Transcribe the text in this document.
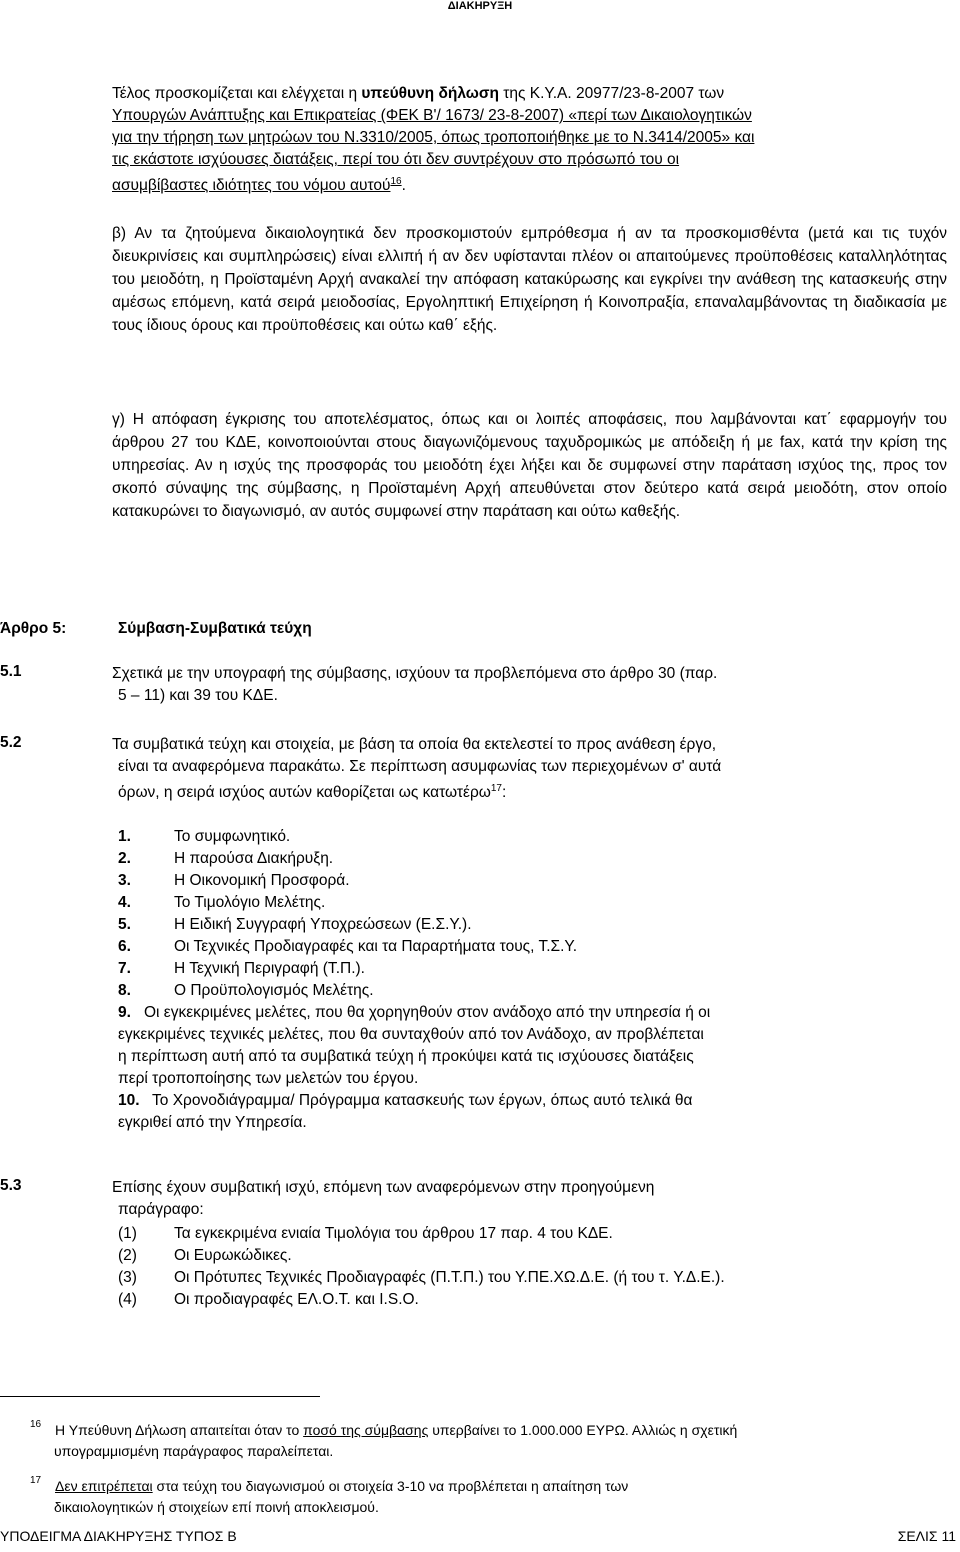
ΔΙΑΚΗΡΥΞΗ
Τέλος προσκομίζεται και ελέγχεται η υπεύθυνη δήλωση της Κ.Υ.Α. 20977/23-8-2007 των
Υπουργών Ανάπτυξης και Επικρατείας (ΦΕΚ Β'/ 1673/ 23-8-2007) «περί των Δικαιολογητικών
για την τήρηση των μητρώων του Ν.3310/2005, όπως τροποποιήθηκε με το Ν.3414/2005» και
τις εκάστοτε ισχύουσες διατάξεις, περί του ότι δεν συντρέχουν στο πρόσωπό του οι
ασυμβίβαστες ιδιότητες του νόμου αυτού$^{16}$.
β) Αν τα ζητούμενα δικαιολογητικά δεν προσκομιστούν εμπρόθεσμα ή αν τα προσκομισθέντα (μετά και τις τυχόν διευκρινίσεις και συμπληρώσεις) είναι ελλιπή ή αν δεν υφίστανται πλέον οι απαιτούμενες προϋποθέσεις καταλληλότητας του μειοδότη, η Προϊσταμένη Αρχή ανακαλεί την απόφαση κατακύρωσης και εγκρίνει την ανάθεση της κατασκευής στην αμέσως επόμενη, κατά σειρά μειοδοσίας, Εργοληπτική Επιχείρηση ή Κοινοπραξία, επαναλαμβάνοντας τη διαδικασία με τους ίδιους όρους και προϋποθέσεις και ούτω καθ΄ εξής.
γ) Η απόφαση έγκρισης του αποτελέσματος, όπως και οι λοιπές αποφάσεις, που λαμβάνονται κατ΄ εφαρμογήν του άρθρου 27 του ΚΔΕ, κοινοποιούνται στους διαγωνιζόμενους ταχυδρομικώς με απόδειξη ή με fax, κατά την κρίση της υπηρεσίας. Αν η ισχύς της προσφοράς του μειοδότη έχει λήξει και δε συμφωνεί στην παράταση ισχύος της, προς τον σκοπό σύναψης της σύμβασης, η Προϊσταμένη Αρχή απευθύνεται στον δεύτερο κατά σειρά μειοδότη, στον οποίο κατακυρώνει το διαγωνισμό, αν αυτός συμφωνεί στην παράταση και ούτω καθεξής.
Άρθρο 5:	Σύμβαση-Συμβατικά τεύχη
5.1	Σχετικά με την υπογραφή της σύμβασης, ισχύουν τα προβλεπόμενα στο άρθρο 30 (παρ.
5 – 11) και 39 του ΚΔΕ.
5.2	Τα συμβατικά τεύχη και στοιχεία, με βάση τα οποία θα εκτελεστεί το προς ανάθεση έργο,
είναι τα αναφερόμενα παρακάτω. Σε περίπτωση ασυμφωνίας των περιεχομένων σ' αυτά
όρων, η σειρά ισχύος αυτών καθορίζεται ως κατωτέρω$^{17}$:
1.	Το συμφωνητικό.
2.	Η παρούσα Διακήρυξη.
3.	Η Οικονομική Προσφορά.
4.	Το Τιμολόγιο Μελέτης.
5.	Η Ειδική Συγγραφή Υποχρεώσεων (Ε.Σ.Υ.).
6.	Οι Τεχνικές Προδιαγραφές και τα Παραρτήματα τους, Τ.Σ.Υ.
7.	Η Τεχνική Περιγραφή (Τ.Π.).
8.	Ο Προϋπολογισμός Μελέτης.
9. Οι εγκεκριμένες μελέτες, που θα χορηγηθούν στον ανάδοχο από την υπηρεσία ή οι
εγκεκριμένες τεχνικές μελέτες, που θα συνταχθούν από τον Ανάδοχο, αν προβλέπεται
η περίπτωση αυτή από τα συμβατικά τεύχη ή προκύψει κατά τις ισχύουσες διατάξεις
περί τροποποίησης των μελετών του έργου.
10. Το Χρονοδιάγραμμα/ Πρόγραμμα κατασκευής των έργων, όπως αυτό τελικά θα
εγκριθεί από την Υπηρεσία.
5.3	Επίσης έχουν συμβατική ισχύ, επόμενη των αναφερόμενων στην προηγούμενη
παράγραφο:
(1) Τα εγκεκριμένα ενιαία Τιμολόγια του άρθρου 17 παρ. 4 του ΚΔΕ.
(2) Οι Ευρωκώδικες.
(3) Οι Πρότυπες Τεχνικές Προδιαγραφές (Π.Τ.Π.) του Υ.ΠΕ.ΧΩ.Δ.Ε. (ή του τ. Υ.Δ.Ε.).
(4) Οι προδιαγραφές ΕΛ.Ο.Τ. και I.S.O.
16 Η Υπεύθυνη Δήλωση απαιτείται όταν το ποσό της σύμβασης υπερβαίνει το 1.000.000 ΕΥΡΩ. Αλλιώς η σχετική
υπογραμμισμένη παράγραφος παραλείπεται.
17 Δεν επιτρέπεται στα τεύχη του διαγωνισμού οι στοιχεία 3-10 να προβλέπεται η απαίτηση των
δικαιολογητικών ή στοιχείων επί ποινή αποκλεισμού.
ΥΠΟΔΕΙΓΜΑ ΔΙΑΚΗΡΥΞΗΣ ΤΥΠΟΣ Β	ΣΕΛΙΣ 11
